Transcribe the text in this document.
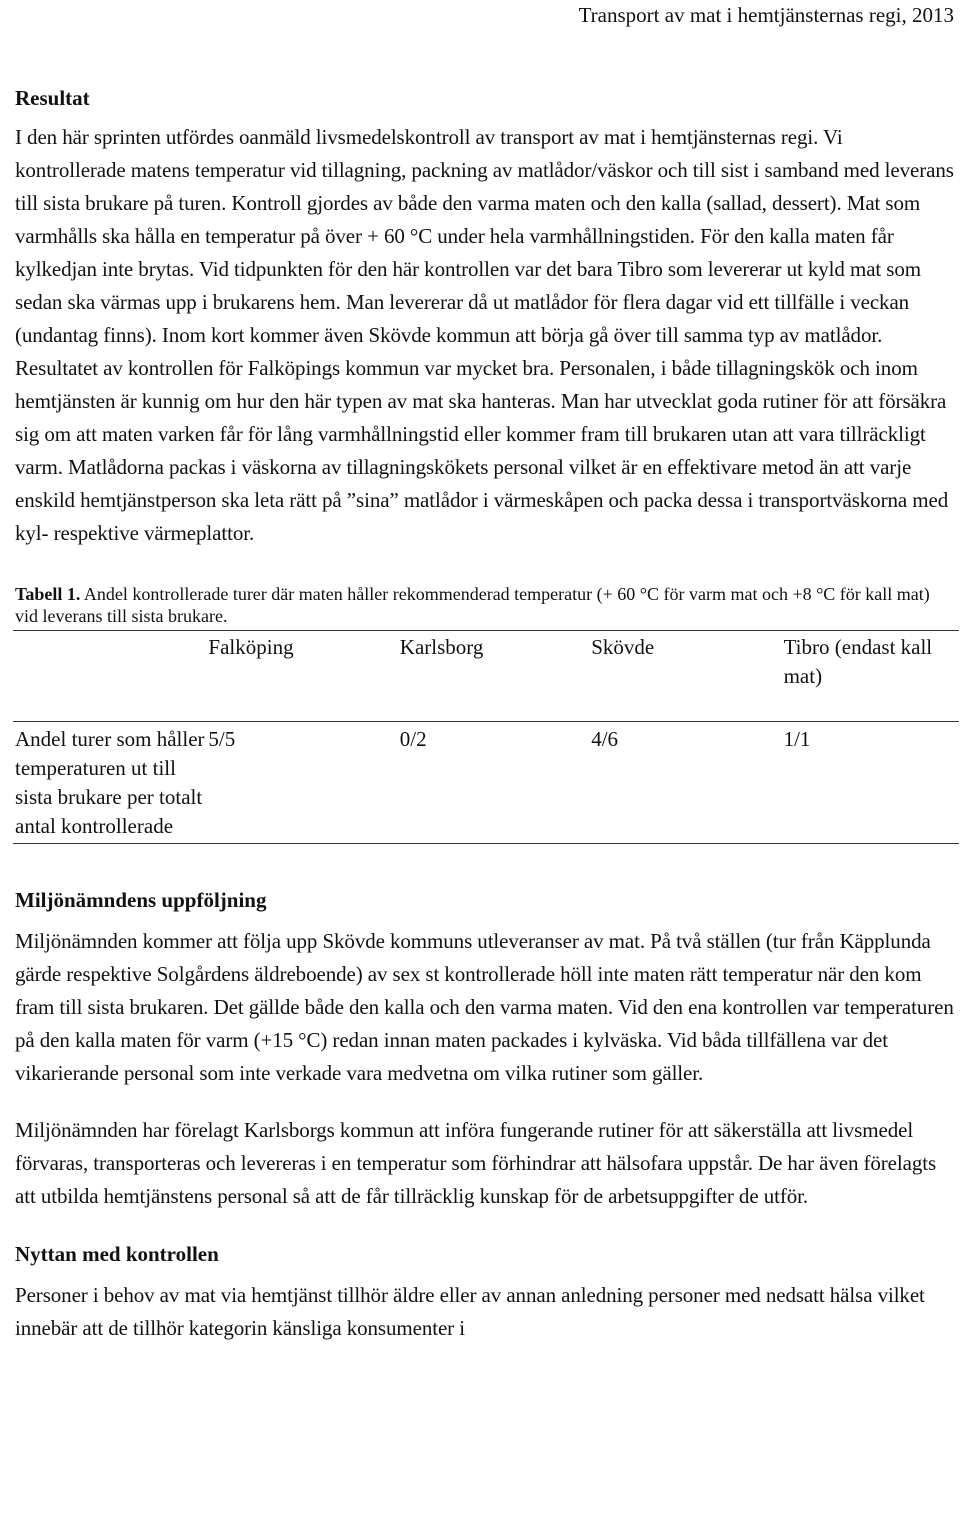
Transport av mat i hemtjänsternas regi, 2013
Resultat

I den här sprinten utfördes oanmäld livsmedelskontroll av transport av mat i hemtjänsternas regi. Vi kontrollerade matens temperatur vid tillagning, packning av matlådor/väskor och till sist i samband med leverans till sista brukare på turen. Kontroll gjordes av både den varma maten och den kalla (sallad, dessert). Mat som varmhålls ska hålla en temperatur på över + 60 °C under hela varmhållningstiden. För den kalla maten får kylkedjan inte brytas. Vid tidpunkten för den här kontrollen var det bara Tibro som levererar ut kyld mat som sedan ska värmas upp i brukarens hem. Man levererar då ut matlådor för flera dagar vid ett tillfälle i veckan (undantag finns). Inom kort kommer även Skövde kommun att börja gå över till samma typ av matlådor. Resultatet av kontrollen för Falköpings kommun var mycket bra. Personalen, i både tillagningskök och inom hemtjänsten är kunnig om hur den här typen av mat ska hanteras. Man har utvecklat goda rutiner för att försäkra sig om att maten varken får för lång varmhållningstid eller kommer fram till brukaren utan att vara tillräckligt varm. Matlådorna packas i väskorna av tillagningskökets personal vilket är en effektivare metod än att varje enskild hemtjänstperson ska leta rätt på ”sina” matlådor i värmeskåpen och packa dessa i transportväskorna med kyl- respektive värmeplattor.

Tabell 1. Andel kontrollerade turer där maten håller rekommenderad temperatur (+ 60 °C för varm mat och +8 °C för kall mat) vid leverans till sista brukare.

	Falköping	Karlsborg	Skövde	Tibro (endast kall mat)
Andel turer som håller temperaturen ut till sista brukare per totalt antal kontrollerade	5/5	0/2	4/6	1/1
Miljönämndens uppföljning

Miljönämnden kommer att följa upp Skövde kommuns utleveranser av mat. På två ställen (tur från Käpplunda gärde respektive Solgårdens äldreboende) av sex st kontrollerade höll inte maten rätt temperatur när den kom fram till sista brukaren. Det gällde både den kalla och den varma maten. Vid den ena kontrollen var temperaturen på den kalla maten för varm (+15 °C) redan innan maten packades i kylväska. Vid båda tillfällena var det vikarierande personal som inte verkade vara medvetna om vilka rutiner som gäller.

Miljönämnden har förelagt Karlsborgs kommun att införa fungerande rutiner för att säkerställa att livsmedel förvaras, transporteras och levereras i en temperatur som förhindrar att hälsofara uppstår. De har även förelagts att utbilda hemtjänstens personal så att de får tillräcklig kunskap för de arbetsuppgifter de utför.

Nyttan med kontrollen

Personer i behov av mat via hemtjänst tillhör äldre eller av annan anledning personer med nedsatt hälsa vilket innebär att de tillhör kategorin känsliga konsumenter i
